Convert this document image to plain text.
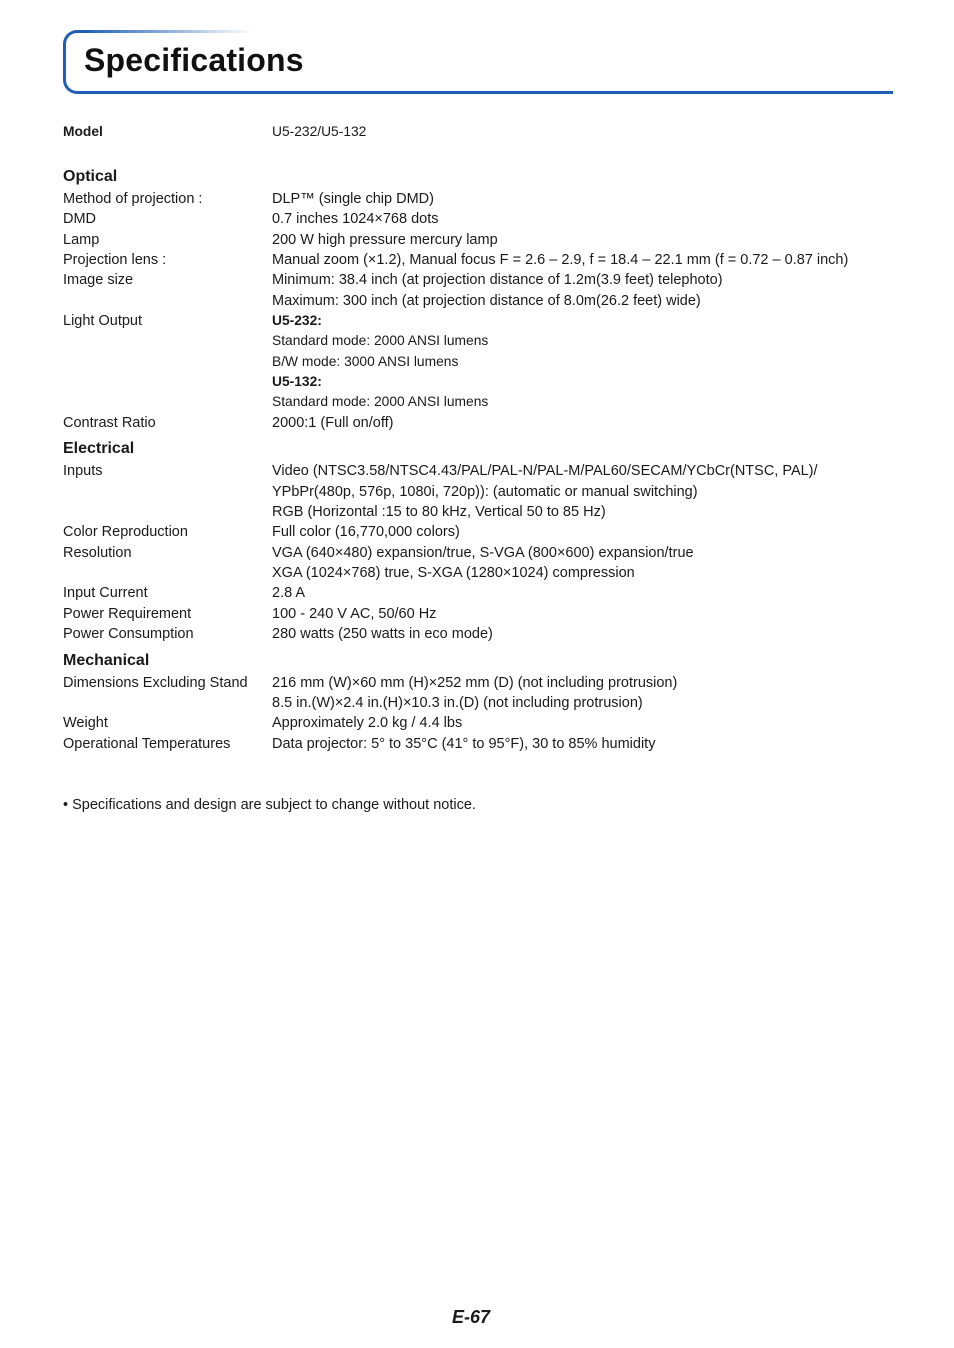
Specifications
Model	U5-232/U5-132
Optical
Method of projection :	DLP™ (single chip DMD)
DMD	0.7 inches 1024×768 dots
Lamp	200 W high pressure mercury lamp
Projection lens :	Manual zoom (×1.2), Manual focus F = 2.6 – 2.9, f = 18.4 – 22.1 mm (f = 0.72 – 0.87 inch)
Image size	Minimum: 38.4 inch (at projection distance of 1.2m(3.9 feet) telephoto)
Maximum: 300 inch (at projection distance of 8.0m(26.2 feet) wide)
Light Output	U5-232:
Standard mode: 2000 ANSI lumens
B/W mode: 3000 ANSI lumens
U5-132:
Standard mode: 2000 ANSI lumens
Contrast Ratio	2000:1 (Full on/off)
Electrical
Inputs	Video (NTSC3.58/NTSC4.43/PAL/PAL-N/PAL-M/PAL60/SECAM/YCbCr(NTSC, PAL)/
YPbPr(480p, 576p, 1080i, 720p)): (automatic or manual switching)
RGB (Horizontal :15 to 80 kHz, Vertical 50 to 85 Hz)
Color Reproduction	Full color (16,770,000 colors)
Resolution	VGA (640×480) expansion/true, S-VGA (800×600) expansion/true
XGA (1024×768) true, S-XGA (1280×1024) compression
Input Current	2.8 A
Power Requirement	100 - 240 V AC, 50/60 Hz
Power Consumption	280 watts (250 watts in eco mode)
Mechanical
Dimensions Excluding Stand 216 mm (W)×60 mm (H)×252 mm (D) (not including protrusion)
8.5 in.(W)×2.4 in.(H)×10.3 in.(D) (not including protrusion)
Weight	Approximately 2.0 kg / 4.4 lbs
Operational Temperatures	Data projector: 5° to 35°C (41° to 95°F), 30 to 85% humidity
• Specifications and design are subject to change without notice.
E-67
